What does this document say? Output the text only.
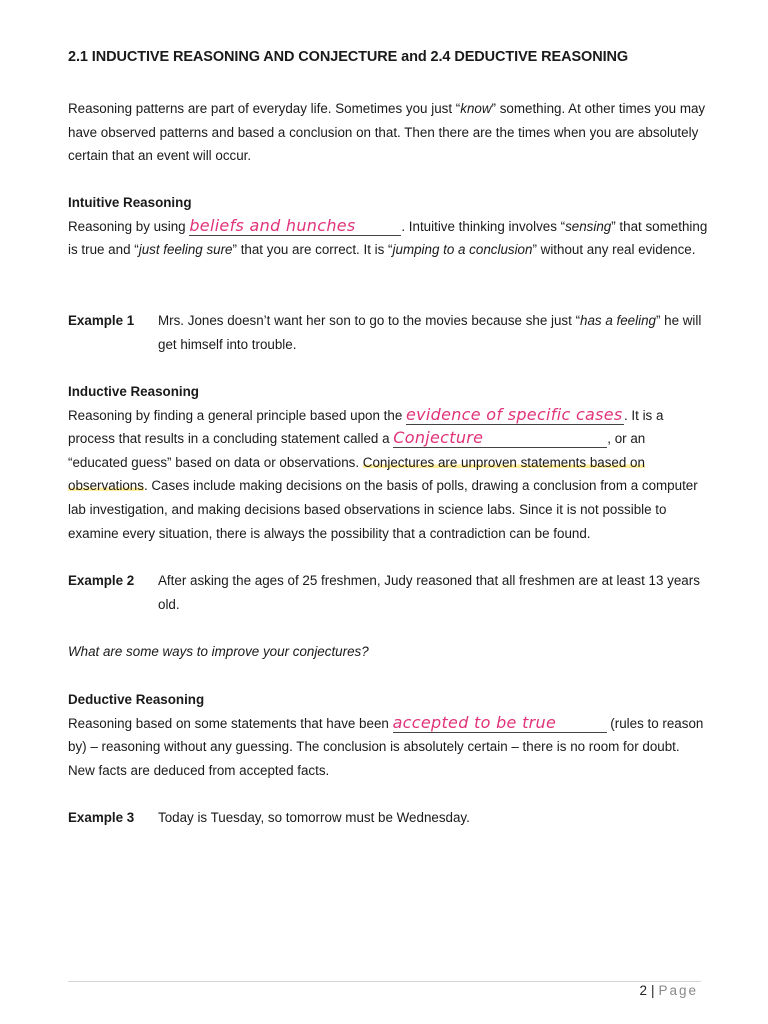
2.1 INDUCTIVE REASONING AND CONJECTURE and 2.4 DEDUCTIVE REASONING
Reasoning patterns are part of everyday life. Sometimes you just “know” something. At other times you may have observed patterns and based a conclusion on that. Then there are the times when you are absolutely certain that an event will occur.
Intuitive Reasoning
Reasoning by using beliefs and hunches	. Intuitive thinking involves “sensing” that something is true and “just feeling sure” that you are correct. It is “jumping to a conclusion” without any real evidence.
Example 1 Mrs. Jones doesn’t want her son to go to the movies because she just “has a feeling” he will get himself into trouble.
Inductive Reasoning
Reasoning by finding a general principle based upon the evidence of specific cases. It is a process that results in a concluding statement called a Conjecture	, or an “educated guess” based on data or observations. Conjectures are unproven statements based on observations. Cases include making decisions on the basis of polls, drawing a conclusion from a computer lab investigation, and making decisions based observations in science labs. Since it is not possible to examine every situation, there is always the possibility that a contradiction can be found.
Example 2 After asking the ages of 25 freshmen, Judy reasoned that all freshmen are at least 13 years old.
What are some ways to improve your conjectures?
Deductive Reasoning
Reasoning based on some statements that have been accepted to be true	(rules to reason by) – reasoning without any guessing. The conclusion is absolutely certain – there is no room for doubt. New facts are deduced from accepted facts.
Example 3 Today is Tuesday, so tomorrow must be Wednesday.
2 | Page
